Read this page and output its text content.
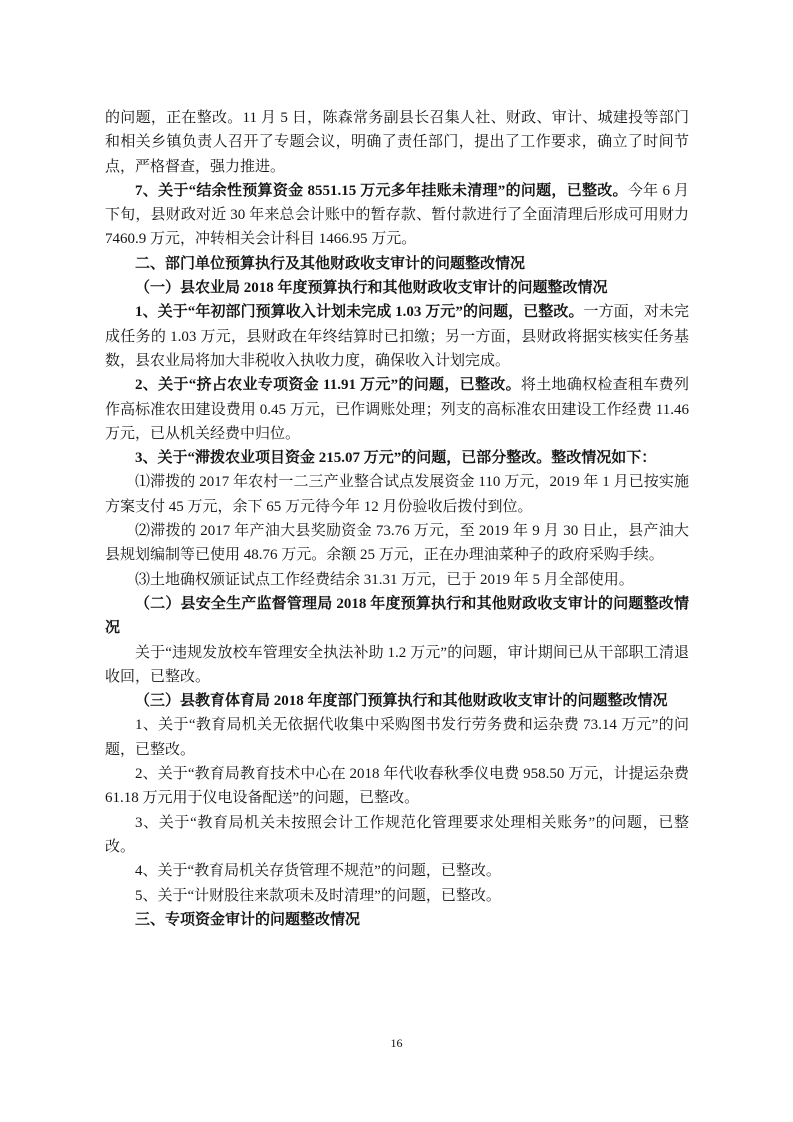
的问题，正在整改。11 月 5 日，陈森常务副县长召集人社、财政、审计、城建投等部门和相关乡镇负责人召开了专题会议，明确了责任部门，提出了工作要求，确立了时间节点，严格督查，强力推进。

7、关于“结余性预算资金 8551.15 万元多年挂账未清理”的问题，已整改。今年 6 月下旬，县财政对近 30 年来总会计账中的暂存款、暂付款进行了全面清理后形成可用财力 7460.9 万元，冲转相关会计科目 1466.95 万元。

二、部门单位预算执行及其他财政收支审计的问题整改情况

（一）县农业局 2018 年度预算执行和其他财政收支审计的问题整改情况

1、关于“年初部门预算收入计划未完成 1.03 万元”的问题，已整改。一方面，对未完成任务的 1.03 万元，县财政在年终结算时已扣缴；另一方面，县财政将据实核实任务基数，县农业局将加大非税收入执收力度，确保收入计划完成。

2、关于“挤占农业专项资金 11.91 万元”的问题，已整改。将土地确权检查租车费列作高标准农田建设费用 0.45 万元，已作调账处理；列支的高标准农田建设工作经费 11.46 万元，已从机关经费中归位。

3、关于“滞拨农业项目资金 215.07 万元”的问题，已部分整改。整改情况如下：

⑴滞拨的 2017 年农村一二三产业整合试点发展资金 110 万元，2019 年 1 月已按实施方案支付 45 万元，余下 65 万元待今年 12 月份验收后拨付到位。

⑵滞拨的 2017 年产油大县奖励资金 73.76 万元，至 2019 年 9 月 30 日止，县产油大县规划编制等已使用 48.76 万元。余额 25 万元，正在办理油菜种子的政府采购手续。

⑶土地确权颁证试点工作经费结余 31.31 万元，已于 2019 年 5 月全部使用。

（二）县安全生产监督管理局 2018 年度预算执行和其他财政收支审计的问题整改情况

关于“违规发放校车管理安全执法补助 1.2 万元”的问题，审计期间已从干部职工清退收回，已整改。

（三）县教育体育局 2018 年度部门预算执行和其他财政收支审计的问题整改情况

1、关于“教育局机关无依据代收集中采购图书发行劳务费和运杂费 73.14 万元”的问题，已整改。

2、关于“教育局教育技术中心在 2018 年代收春秋季仪电费 958.50 万元，计提运杂费 61.18 万元用于仪电设备配送”的问题，已整改。

3、关于“教育局机关未按照会计工作规范化管理要求处理相关账务”的问题，已整改。

4、关于“教育局机关存货管理不规范”的问题，已整改。

5、关于“计财股往来款项未及时清理”的问题，已整改。

三、专项资金审计的问题整改情况

16
